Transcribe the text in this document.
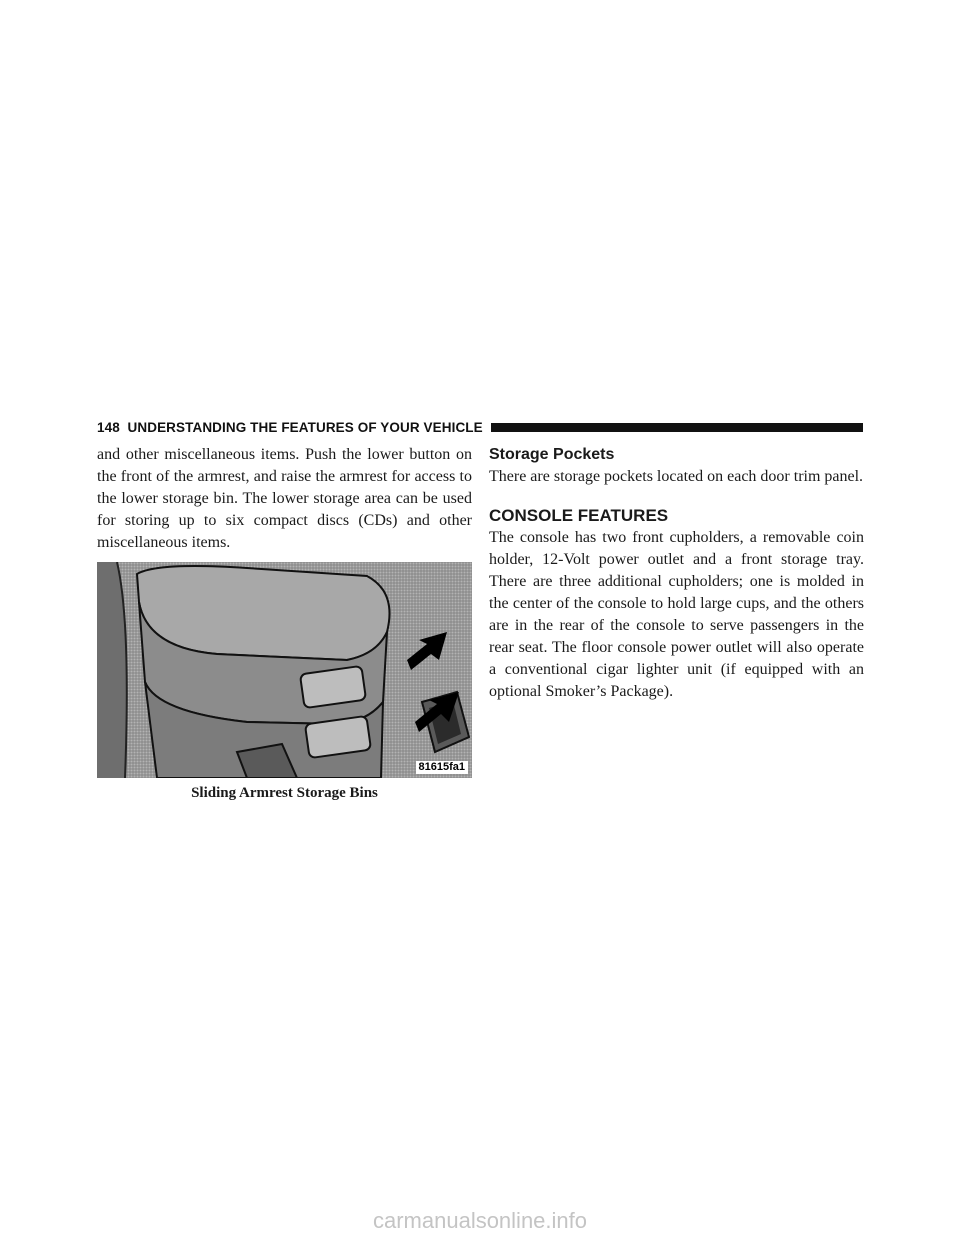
148 UNDERSTANDING THE FEATURES OF YOUR VEHICLE

and other miscellaneous items. Push the lower button on the front of the armrest, and raise the armrest for access to the lower storage bin. The lower storage area can be used for storing up to six compact discs (CDs) and other miscellaneous items.

81615fa1
Sliding Armrest Storage Bins
Storage Pockets

There are storage pockets located on each door trim panel.

CONSOLE FEATURES

The console has two front cupholders, a removable coin holder, 12-Volt power outlet and a front storage tray. There are three additional cupholders; one is molded in the center of the console to hold large cups, and the others are in the rear of the console to serve passengers in the rear seat. The floor console power outlet will also operate a conventional cigar lighter unit (if equipped with an optional Smoker’s Package).

carmanualsonline.info
